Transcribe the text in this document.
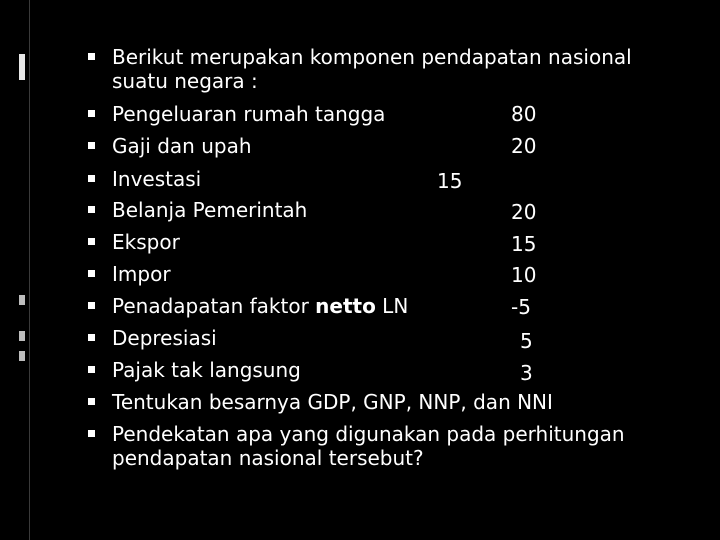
Berikut merupakan komponen pendapatan nasional
suatu negara :
Pengeluaran rumah tangga	80
Gaji dan upah	20
Investasi	15
Belanja Pemerintah	20
Ekspor	15
Impor	10
Penadapatan faktor netto LN	-5
Depresiasi	5
Pajak tak langsung	3
Tentukan besarnya GDP, GNP, NNP, dan NNI
Pendekatan apa yang digunakan pada perhitungan
pendapatan nasional tersebut?
